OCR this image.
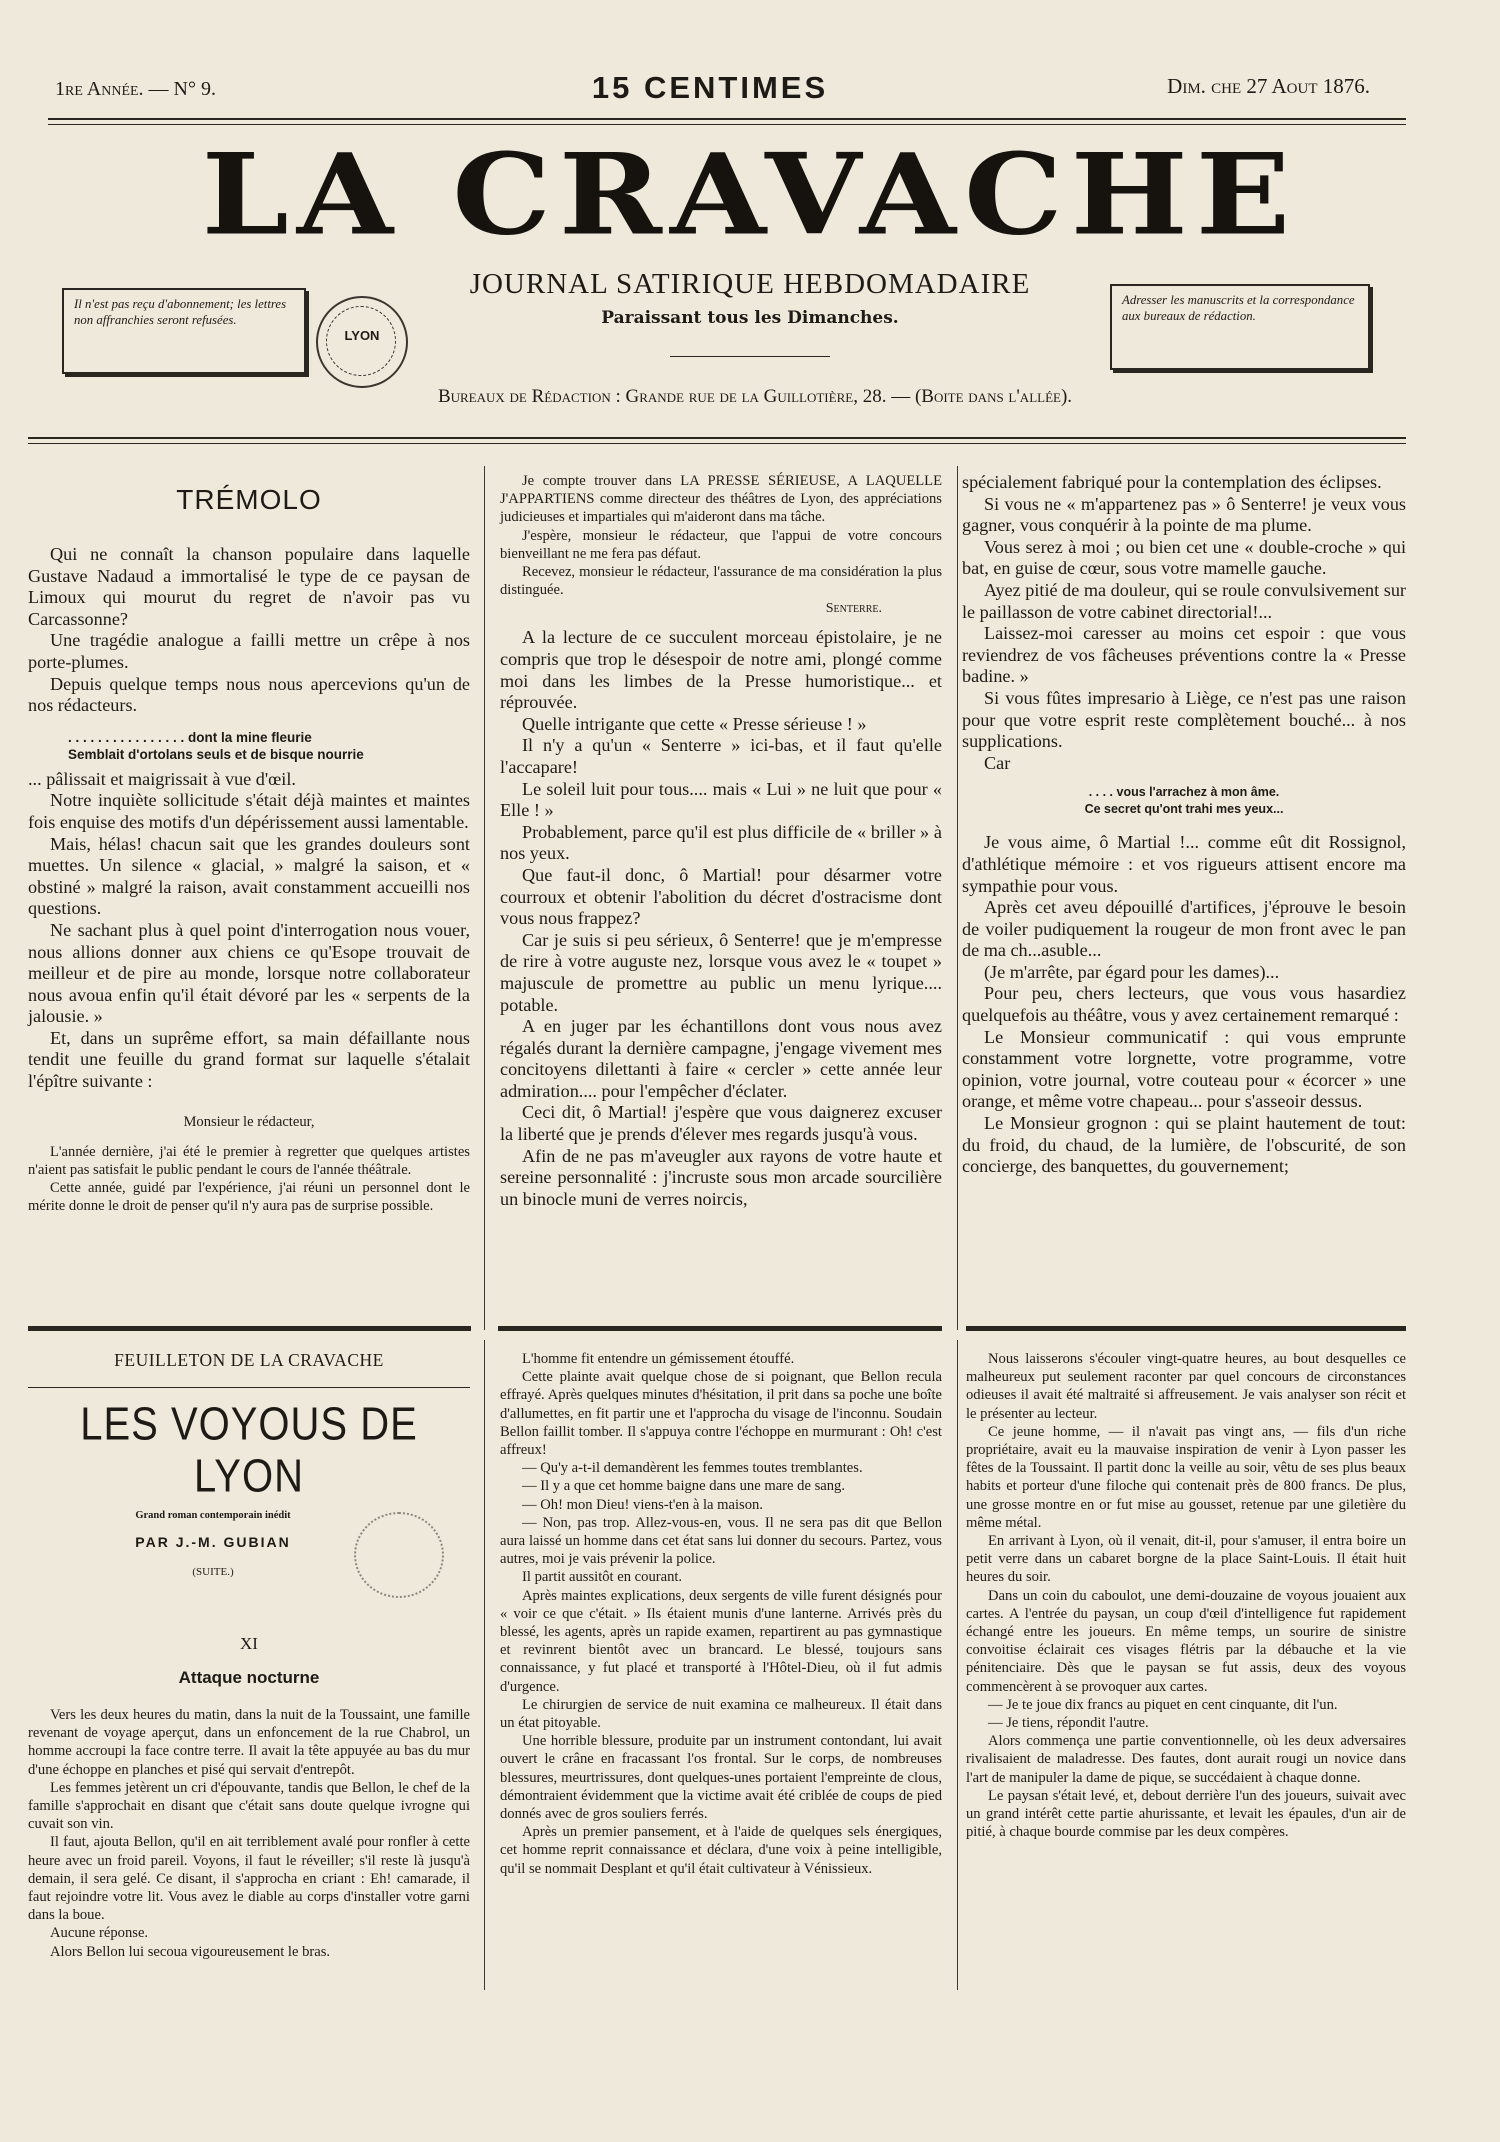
1re Année. — N° 9.	15 CENTIMES	Dim. che 27 Aout 1876.
LA CRAVACHE
JOURNAL SATIRIQUE HEBDOMADAIRE
Paraissant tous les Dimanches.
Il n'est pas reçu d'abonnement; les lettres non affranchies seront refusées.
LYON
Adresser les manuscrits et la correspondance aux bureaux de rédaction.
Bureaux de Rédaction : Grande rue de la Guillotière, 28. — (Boite dans l'allée).
TRÉMOLO

Qui ne connaît la chanson populaire dans laquelle Gustave Nadaud a immortalisé le type de ce paysan de Limoux qui mourut du regret de n'avoir pas vu Carcassonne?

Une tragédie analogue a failli mettre un crêpe à nos porte-plumes.

Depuis quelque temps nous nous apercevions qu'un de nos rédacteurs.

. . . . . . . . . . . . . . . . dont la mine fleurie

Semblait d'ortolans seuls et de bisque nourrie

... pâlissait et maigrissait à vue d'œil.

Notre inquiète sollicitude s'était déjà maintes et maintes fois enquise des motifs d'un dépérissement aussi lamentable.

Mais, hélas! chacun sait que les grandes douleurs sont muettes. Un silence « glacial, » malgré la saison, et « obstiné » malgré la raison, avait constamment accueilli nos questions.

Ne sachant plus à quel point d'interrogation nous vouer, nous allions donner aux chiens ce qu'Esope trouvait de meilleur et de pire au monde, lorsque notre collaborateur nous avoua enfin qu'il était dévoré par les « serpents de la jalousie. »

Et, dans un suprême effort, sa main défaillante nous tendit une feuille du grand format sur laquelle s'étalait l'épître suivante :

Monsieur le rédacteur,

L'année dernière, j'ai été le premier à regretter que quelques artistes n'aient pas satisfait le public pendant le cours de l'année théâtrale.

Cette année, guidé par l'expérience, j'ai réuni un personnel dont le mérite donne le droit de penser qu'il n'y aura pas de surprise possible.

Je compte trouver dans LA PRESSE SÉRIEUSE, A LAQUELLE J'APPARTIENS comme directeur des théâtres de Lyon, des appréciations judicieuses et impartiales qui m'aideront dans ma tâche.

J'espère, monsieur le rédacteur, que l'appui de votre concours bienveillant ne me fera pas défaut.

Recevez, monsieur le rédacteur, l'assurance de ma considération la plus distinguée.

Senterre.

A la lecture de ce succulent morceau épistolaire, je ne compris que trop le désespoir de notre ami, plongé comme moi dans les limbes de la Presse humoristique... et réprouvée.

Quelle intrigante que cette « Presse sérieuse ! »

Il n'y a qu'un « Senterre » ici-bas, et il faut qu'elle l'accapare!

Le soleil luit pour tous.... mais « Lui » ne luit que pour « Elle ! »

Probablement, parce qu'il est plus difficile de « briller » à nos yeux.

Que faut-il donc, ô Martial! pour désarmer votre courroux et obtenir l'abolition du décret d'ostracisme dont vous nous frappez?

Car je suis si peu sérieux, ô Senterre! que je m'empresse de rire à votre auguste nez, lorsque vous avez le « toupet » majuscule de promettre au public un menu lyrique.... potable.

A en juger par les échantillons dont vous nous avez régalés durant la dernière campagne, j'engage vivement mes concitoyens dilettanti à faire « cercler » cette année leur admiration.... pour l'empêcher d'éclater.

Ceci dit, ô Martial! j'espère que vous daignerez excuser la liberté que je prends d'élever mes regards jusqu'à vous.

Afin de ne pas m'aveugler aux rayons de votre haute et sereine personnalité : j'incruste sous mon arcade sourcilière un binocle muni de verres noircis,

spécialement fabriqué pour la contemplation des éclipses.

Si vous ne « m'appartenez pas » ô Senterre! je veux vous gagner, vous conquérir à la pointe de ma plume.

Vous serez à moi ; ou bien cet une « double-croche » qui bat, en guise de cœur, sous votre mamelle gauche.

Ayez pitié de ma douleur, qui se roule convulsivement sur le paillasson de votre cabinet directorial!...

Laissez-moi caresser au moins cet espoir : que vous reviendrez de vos fâcheuses préventions contre la « Presse badine. »

Si vous fûtes impresario à Liège, ce n'est pas une raison pour que votre esprit reste complètement bouché... à nos supplications.

Car

. . . . vous l'arrachez à mon âme.

Ce secret qu'ont trahi mes yeux...

Je vous aime, ô Martial !... comme eût dit Rossignol, d'athlétique mémoire : et vos rigueurs attisent encore ma sympathie pour vous.

Après cet aveu dépouillé d'artifices, j'éprouve le besoin de voiler pudiquement la rougeur de mon front avec le pan de ma ch...asuble...

(Je m'arrête, par égard pour les dames)...

Pour peu, chers lecteurs, que vous vous hasardiez quelquefois au théâtre, vous y avez certainement remarqué :

Le Monsieur communicatif : qui vous emprunte constamment votre lorgnette, votre programme, votre opinion, votre journal, votre couteau pour « écorcer » une orange, et même votre chapeau... pour s'asseoir dessus.

Le Monsieur grognon : qui se plaint hautement de tout: du froid, du chaud, de la lumière, de l'obscurité, de son concierge, des banquettes, du gouvernement;

FEUILLETON DE LA CRAVACHE
LES VOYOUS DE LYON
Grand roman contemporain inédit
PAR J.-M. GUBIAN
(SUITE.)
XI
Attaque nocturne

Vers les deux heures du matin, dans la nuit de la Toussaint, une famille revenant de voyage aperçut, dans un enfoncement de la rue Chabrol, un homme accroupi la face contre terre. Il avait la tête appuyée au bas du mur d'une échoppe en planches et pisé qui servait d'entrepôt.

Les femmes jetèrent un cri d'épouvante, tandis que Bellon, le chef de la famille s'approchait en disant que c'était sans doute quelque ivrogne qui cuvait son vin.

Il faut, ajouta Bellon, qu'il en ait terriblement avalé pour ronfler à cette heure avec un froid pareil. Voyons, il faut le réveiller; s'il reste là jusqu'à demain, il sera gelé. Ce disant, il s'approcha en criant : Eh! camarade, il faut rejoindre votre lit. Vous avez le diable au corps d'installer votre garni dans la boue.

Aucune réponse.

Alors Bellon lui secoua vigoureusement le bras.

L'homme fit entendre un gémissement étouffé.

Cette plainte avait quelque chose de si poignant, que Bellon recula effrayé. Après quelques minutes d'hésitation, il prit dans sa poche une boîte d'allumettes, en fit partir une et l'approcha du visage de l'inconnu. Soudain Bellon faillit tomber. Il s'appuya contre l'échoppe en murmurant : Oh! c'est affreux!

— Qu'y a-t-il demandèrent les femmes toutes tremblantes.

— Il y a que cet homme baigne dans une mare de sang.

— Oh! mon Dieu! viens-t'en à la maison.

— Non, pas trop. Allez-vous-en, vous. Il ne sera pas dit que Bellon aura laissé un homme dans cet état sans lui donner du secours. Partez, vous autres, moi je vais prévenir la police.

Il partit aussitôt en courant.

Après maintes explications, deux sergents de ville furent désignés pour « voir ce que c'était. » Ils étaient munis d'une lanterne. Arrivés près du blessé, les agents, après un rapide examen, repartirent au pas gymnastique et revinrent bientôt avec un brancard. Le blessé, toujours sans connaissance, y fut placé et transporté à l'Hôtel-Dieu, où il fut admis d'urgence.

Le chirurgien de service de nuit examina ce malheureux. Il était dans un état pitoyable.

Une horrible blessure, produite par un instrument contondant, lui avait ouvert le crâne en fracassant l'os frontal. Sur le corps, de nombreuses blessures, meurtrissures, dont quelques-unes portaient l'empreinte de clous, démontraient évidemment que la victime avait été criblée de coups de pied donnés avec de gros souliers ferrés.

Après un premier pansement, et à l'aide de quelques sels énergiques, cet homme reprit connaissance et déclara, d'une voix à peine intelligible, qu'il se nommait Desplant et qu'il était cultivateur à Vénissieux.

Nous laisserons s'écouler vingt-quatre heures, au bout desquelles ce malheureux put seulement raconter par quel concours de circonstances odieuses il avait été maltraité si affreusement. Je vais analyser son récit et le présenter au lecteur.

Ce jeune homme, — il n'avait pas vingt ans, — fils d'un riche propriétaire, avait eu la mauvaise inspiration de venir à Lyon passer les fêtes de la Toussaint. Il partit donc la veille au soir, vêtu de ses plus beaux habits et porteur d'une filoche qui contenait près de 800 francs. De plus, une grosse montre en or fut mise au gousset, retenue par une giletière du même métal.

En arrivant à Lyon, où il venait, dit-il, pour s'amuser, il entra boire un petit verre dans un cabaret borgne de la place Saint-Louis. Il était huit heures du soir.

Dans un coin du caboulot, une demi-douzaine de voyous jouaient aux cartes. A l'entrée du paysan, un coup d'œil d'intelligence fut rapidement échangé entre les joueurs. En même temps, un sourire de sinistre convoitise éclairait ces visages flétris par la débauche et la vie pénitenciaire. Dès que le paysan se fut assis, deux des voyous commencèrent à se provoquer aux cartes.

— Je te joue dix francs au piquet en cent cinquante, dit l'un.

— Je tiens, répondit l'autre.

Alors commença une partie conventionnelle, où les deux adversaires rivalisaient de maladresse. Des fautes, dont aurait rougi un novice dans l'art de manipuler la dame de pique, se succédaient à chaque donne.

Le paysan s'était levé, et, debout derrière l'un des joueurs, suivait avec un grand intérêt cette partie ahurissante, et levait les épaules, d'un air de pitié, à chaque bourde commise par les deux compères.
